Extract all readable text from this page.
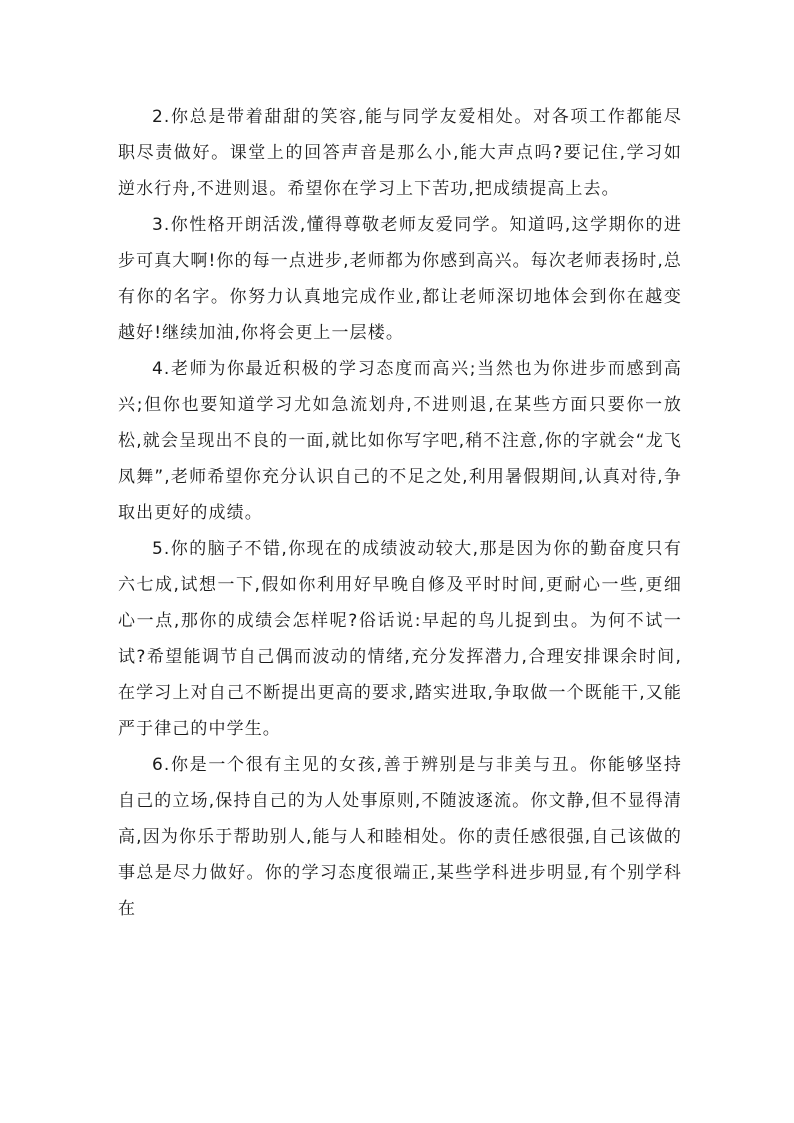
2.你总是带着甜甜的笑容,能与同学友爱相处。对各项工作都能尽职尽责做好。课堂上的回答声音是那么小,能大声点吗?要记住,学习如逆水行舟,不进则退。希望你在学习上下苦功,把成绩提高上去。

3.你性格开朗活泼,懂得尊敬老师友爱同学。知道吗,这学期你的进步可真大啊!你的每一点进步,老师都为你感到高兴。每次老师表扬时,总有你的名字。你努力认真地完成作业,都让老师深切地体会到你在越变越好!继续加油,你将会更上一层楼。

4.老师为你最近积极的学习态度而高兴;当然也为你进步而感到高兴;但你也要知道学习尤如急流划舟,不进则退,在某些方面只要你一放松,就会呈现出不良的一面,就比如你写字吧,稍不注意,你的字就会“龙飞凤舞”,老师希望你充分认识自己的不足之处,利用暑假期间,认真对待,争取出更好的成绩。

5.你的脑子不错,你现在的成绩波动较大,那是因为你的勤奋度只有六七成,试想一下,假如你利用好早晚自修及平时时间,更耐心一些,更细心一点,那你的成绩会怎样呢?俗话说:早起的鸟儿捉到虫。为何不试一试?希望能调节自己偶而波动的情绪,充分发挥潜力,合理安排课余时间,在学习上对自己不断提出更高的要求,踏实进取,争取做一个既能干,又能严于律己的中学生。

6.你是一个很有主见的女孩,善于辨别是与非美与丑。你能够坚持自己的立场,保持自己的为人处事原则,不随波逐流。你文静,但不显得清高,因为你乐于帮助别人,能与人和睦相处。你的责任感很强,自己该做的事总是尽力做好。你的学习态度很端正,某些学科进步明显,有个别学科在
